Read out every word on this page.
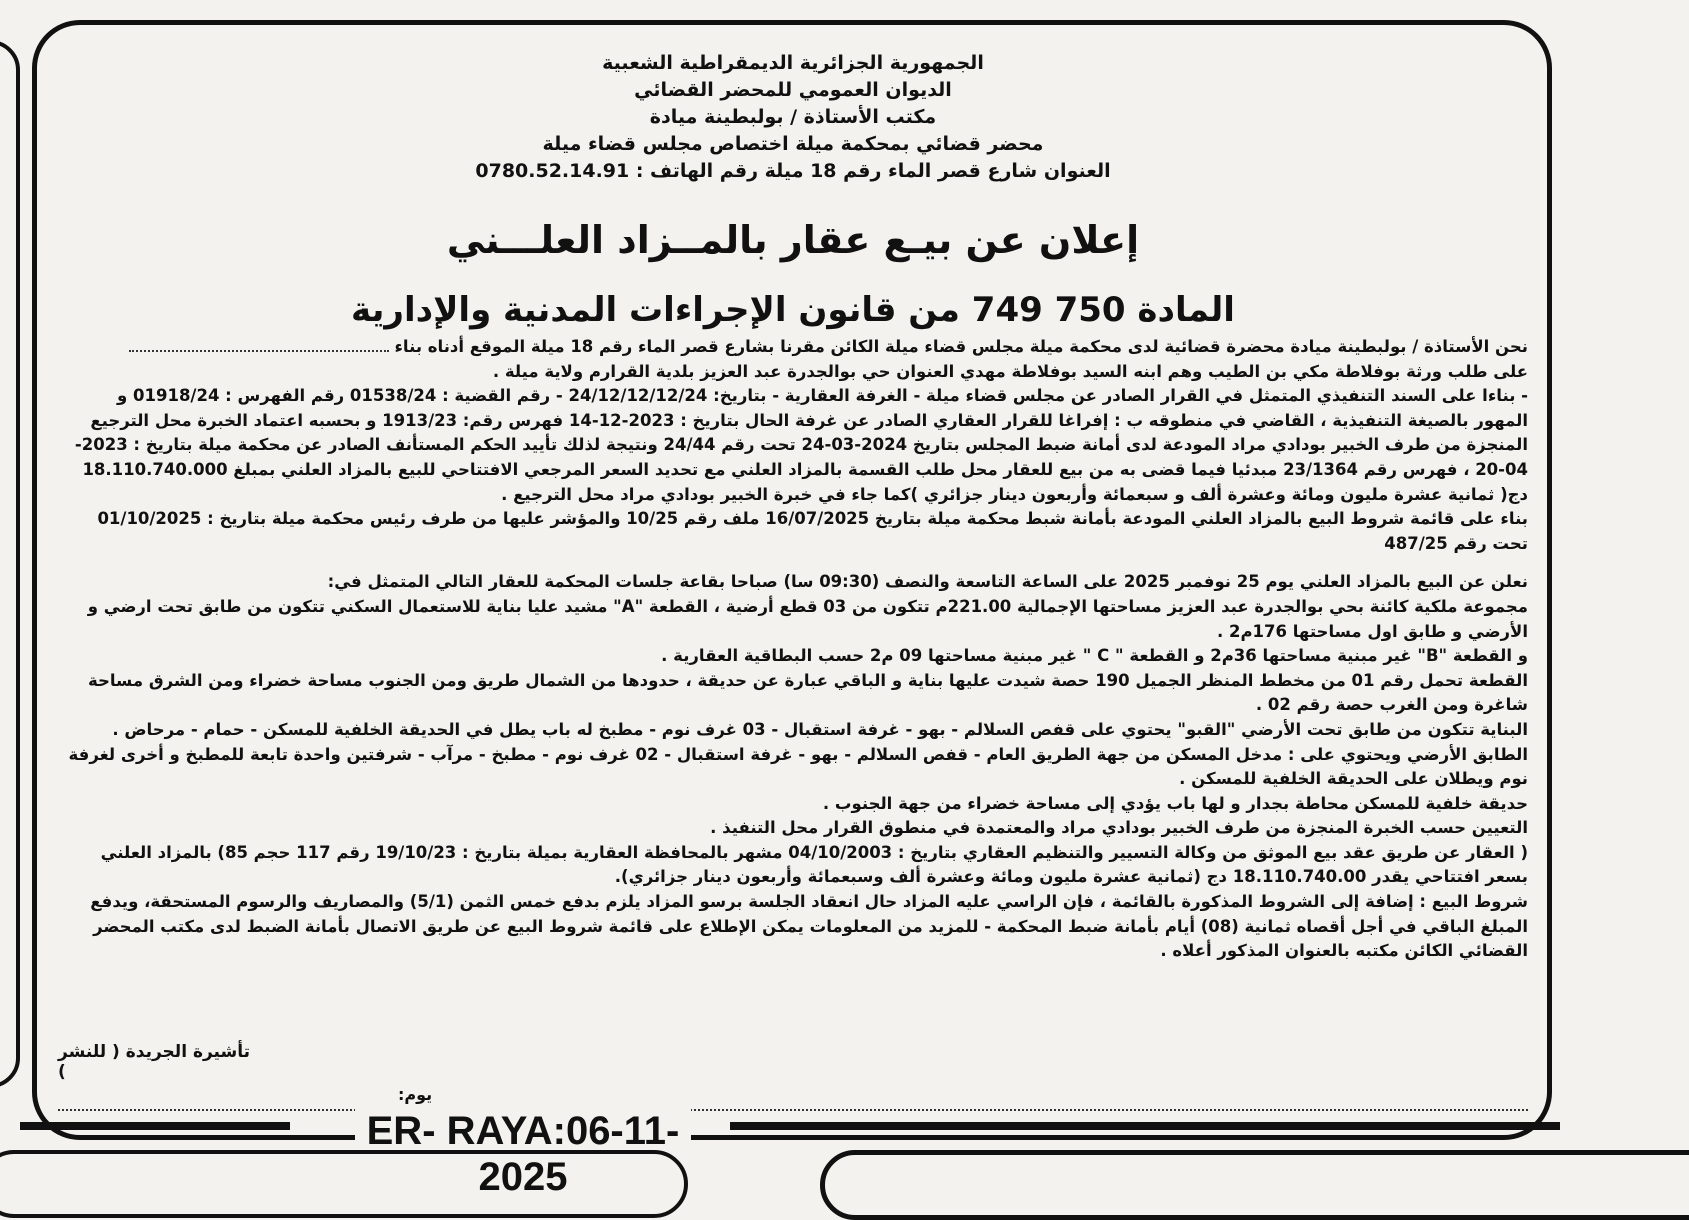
الجمهورية الجزائرية الديمقراطية الشعبية
الديوان العمومي للمحضر القضائي
مكتب الأستاذة / بولبطينة ميادة
محضر قضائي بمحكمة ميلة اختصاص مجلس قضاء ميلة
العنوان شارع قصر الماء رقم 18 ميلة رقم الهاتف : 0780.52.14.91
إعلان عن بيـع عقار بالمــزاد العلـــني
المادة 750 749 من قانون الإجراءات المدنية والإدارية

نحن الأستاذة / بولبطينة ميادة محضرة قضائية لدى محكمة ميلة مجلس قضاء ميلة الكائن مقرنا بشارع قصر الماء رقم 18 ميلة الموقع أدناه بناء

على طلب ورثة بوفلاطة مكي بن الطيب وهم ابنه السيد بوفلاطة مهدي العنوان حي بوالجدرة عبد العزيز بلدية القرارم ولاية ميلة .

- بناءا على السند التنفيذي المتمثل في القرار الصادر عن مجلس قضاء ميلة - الغرفة العقارية - بتاريخ: 24/12/12/12/24 - رقم القضية : 01538/24 رقم الفهرس : 01918/24 و المهور بالصيغة التنفيذية ، القاضي في منطوقه ب : إفراغا للقرار العقاري الصادر عن غرفة الحال بتاريخ : 2023-12-14 فهرس رقم: 1913/23 و بحسبه اعتماد الخبرة محل الترجيع المنجزة من طرف الخبير بودادي مراد المودعة لدى أمانة ضبط المجلس بتاريخ 2024-03-24 تحت رقم 24/44 ونتيجة لذلك تأييد الحكم المستأنف الصادر عن محكمة ميلة بتاريخ : 2023-04-20 ، فهرس رقم 23/1364 مبدئيا فيما قضى به من بيع للعقار محل طلب القسمة بالمزاد العلني مع تحديد السعر المرجعي الافتتاحي للبيع بالمزاد العلني بمبلغ 18.110.740.000 دج( ثمانية عشرة مليون ومائة وعشرة ألف و سبعمائة وأربعون دينار جزائري )كما جاء في خبرة الخبير بودادي مراد محل الترجيع .

بناء على قائمة شروط البيع بالمزاد العلني المودعة بأمانة شبط محكمة ميلة بتاريخ 16/07/2025 ملف رقم 10/25 والمؤشر عليها من طرف رئيس محكمة ميلة بتاريخ : 01/10/2025 تحت رقم 487/25

نعلن عن البيع بالمزاد العلني يوم 25 نوفمبر 2025 على الساعة التاسعة والنصف (09:30 سا) صباحا بقاعة جلسات المحكمة للعقار التالي المتمثل في:

مجموعة ملكية كائنة بحي بوالجدرة عبد العزيز مساحتها الإجمالية 221.00م تتكون من 03 قطع أرضية ، القطعة "A" مشيد عليا بناية للاستعمال السكني تتكون من طابق تحت ارضي و الأرضي و طابق اول مساحتها 176م2 .

و القطعة "B" غير مبنية مساحتها 36م2 و القطعة " C " غير مبنية مساحتها 09 م2 حسب البطاقية العقارية .

القطعة تحمل رقم 01 من مخطط المنظر الجميل 190 حصة شيدت عليها بناية و الباقي عبارة عن حديقة ، حدودها من الشمال طريق ومن الجنوب مساحة خضراء ومن الشرق مساحة شاغرة ومن الغرب حصة رقم 02 .

البناية تتكون من طابق تحت الأرضي "القبو" يحتوي على قفص السلالم - بهو - غرفة استقبال - 03 غرف نوم - مطبخ له باب يطل في الحديقة الخلفية للمسكن - حمام - مرحاض .

الطابق الأرضي ويحتوي على : مدخل المسكن من جهة الطريق العام - قفص السلالم - بهو - غرفة استقبال - 02 غرف نوم - مطبخ - مرآب - شرفتين واحدة تابعة للمطبخ و أخرى لغرفة نوم ويطلان على الحديقة الخلفية للمسكن .

حديقة خلفية للمسكن محاطة بجدار و لها باب يؤدي إلى مساحة خضراء من جهة الجنوب .

التعيين حسب الخبرة المنجزة من طرف الخبير بودادي مراد والمعتمدة في منطوق القرار محل التنفيذ .

( العقار عن طريق عقد بيع الموثق من وكالة التسيير والتنظيم العقاري بتاريخ : 04/10/2003 مشهر بالمحافظة العقارية بميلة بتاريخ : 19/10/23 رقم 117 حجم 85) بالمزاد العلني بسعر افتتاحي يقدر 18.110.740.00 دج (ثمانية عشرة مليون ومائة وعشرة ألف وسبعمائة وأربعون دينار جزائري).

شروط البيع : إضافة إلى الشروط المذكورة بالقائمة ، فإن الراسي عليه المزاد حال انعقاد الجلسة برسو المزاد يلزم بدفع خمس الثمن (5/1) والمصاريف والرسوم المستحقة، ويدفع المبلغ الباقي في أجل أقصاه ثمانية (08) أيام بأمانة ضبط المحكمة - للمزيد من المعلومات يمكن الإطلاع على قائمة شروط البيع عن طريق الاتصال بأمانة الضبط لدى مكتب المحضر القضائي الكائن مكتبه بالعنوان المذكور أعلاه .

تأشيرة الجريدة ( للنشر )
يوم:
ER- RAYA:06-11-2025
